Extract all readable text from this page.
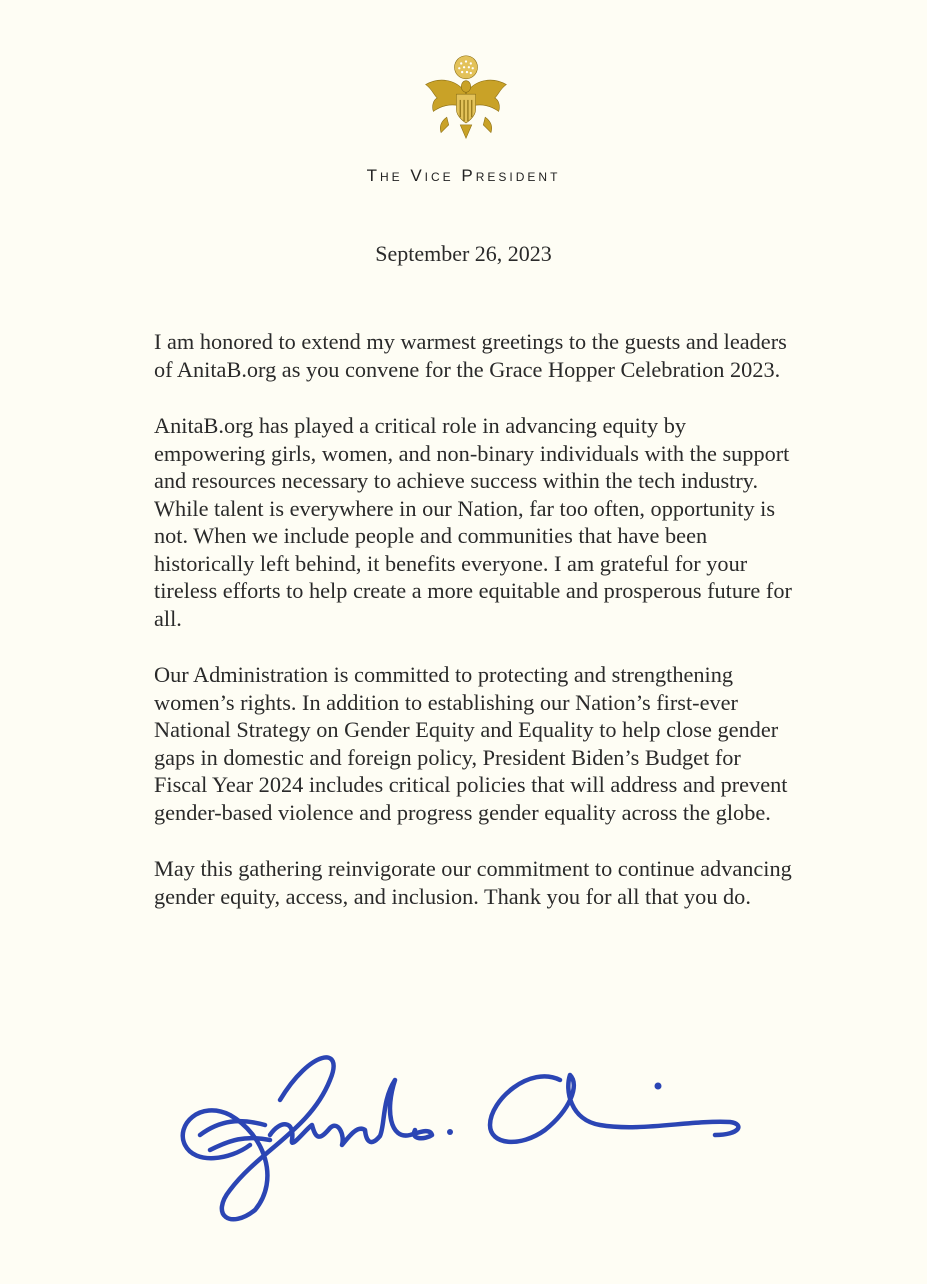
The Vice President
September 26, 2023

I am honored to extend my warmest greetings to the guests and leaders of AnitaB.org as you convene for the Grace Hopper Celebration 2023.

AnitaB.org has played a critical role in advancing equity by empowering girls, women, and non-binary individuals with the support and resources necessary to achieve success within the tech industry. While talent is everywhere in our Nation, far too often, opportunity is not. When we include people and communities that have been historically left behind, it benefits everyone. I am grateful for your tireless efforts to help create a more equitable and prosperous future for all.

Our Administration is committed to protecting and strengthening women’s rights. In addition to establishing our Nation’s first-ever National Strategy on Gender Equity and Equality to help close gender gaps in domestic and foreign policy, President Biden’s Budget for Fiscal Year 2024 includes critical policies that will address and prevent gender-based violence and progress gender equality across the globe.

May this gathering reinvigorate our commitment to continue advancing gender equity, access, and inclusion. Thank you for all that you do.
